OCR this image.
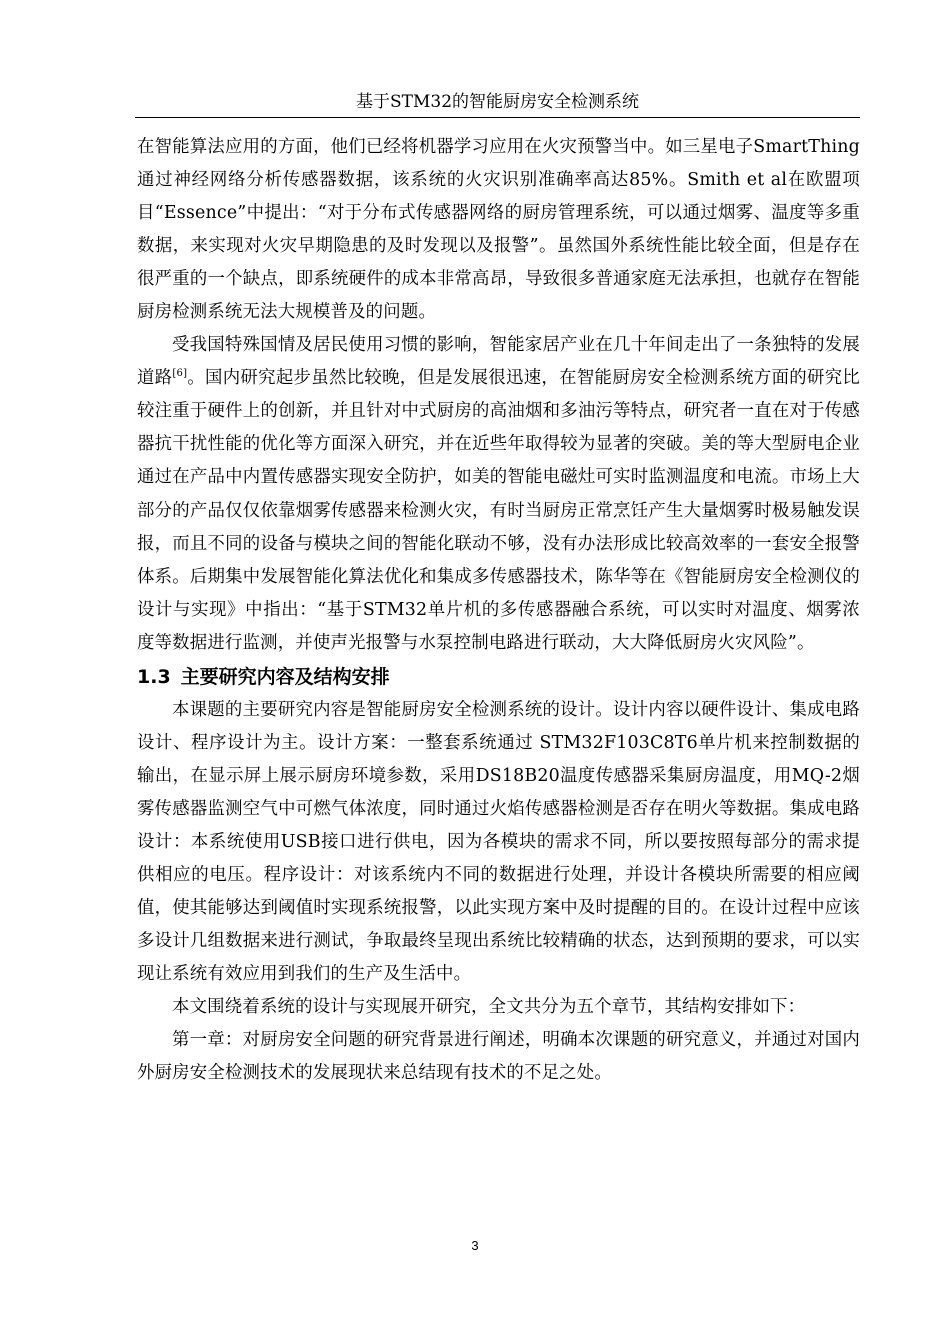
基于STM32的智能厨房安全检测系统

在智能算法应用的方面，他们已经将机器学习应用在火灾预警当中。如三星电子SmartThing通过神经网络分析传感器数据，该系统的火灾识别准确率高达85%。Smith et al在欧盟项目“Essence”中提出：“对于分布式传感器网络的厨房管理系统，可以通过烟雾、温度等多重数据，来实现对火灾早期隐患的及时发现以及报警”。虽然国外系统性能比较全面，但是存在很严重的一个缺点，即系统硬件的成本非常高昂，导致很多普通家庭无法承担，也就存在智能厨房检测系统无法大规模普及的问题。

受我国特殊国情及居民使用习惯的影响，智能家居产业在几十年间走出了一条独特的发展道路[6]。国内研究起步虽然比较晚，但是发展很迅速，在智能厨房安全检测系统方面的研究比较注重于硬件上的创新，并且针对中式厨房的高油烟和多油污等特点，研究者一直在对于传感器抗干扰性能的优化等方面深入研究，并在近些年取得较为显著的突破。美的等大型厨电企业通过在产品中内置传感器实现安全防护，如美的智能电磁灶可实时监测温度和电流。市场上大部分的产品仅仅依靠烟雾传感器来检测火灾，有时当厨房正常烹饪产生大量烟雾时极易触发误报，而且不同的设备与模块之间的智能化联动不够，没有办法形成比较高效率的一套安全报警体系。后期集中发展智能化算法优化和集成多传感器技术，陈华等在《智能厨房安全检测仪的设计与实现》中指出：“基于STM32单片机的多传感器融合系统，可以实时对温度、烟雾浓度等数据进行监测，并使声光报警与水泵控制电路进行联动，大大降低厨房火灾风险”。

1.3 主要研究内容及结构安排

本课题的主要研究内容是智能厨房安全检测系统的设计。设计内容以硬件设计、集成电路设计、程序设计为主。设计方案：一整套系统通过 STM32F103C8T6单片机来控制数据的输出，在显示屏上展示厨房环境参数，采用DS18B20温度传感器采集厨房温度，用MQ-2烟雾传感器监测空气中可燃气体浓度，同时通过火焰传感器检测是否存在明火等数据。集成电路设计：本系统使用USB接口进行供电，因为各模块的需求不同，所以要按照每部分的需求提供相应的电压。程序设计：对该系统内不同的数据进行处理，并设计各模块所需要的相应阈值，使其能够达到阈值时实现系统报警，以此实现方案中及时提醒的目的。在设计过程中应该多设计几组数据来进行测试，争取最终呈现出系统比较精确的状态，达到预期的要求，可以实现让系统有效应用到我们的生产及生活中。

本文围绕着系统的设计与实现展开研究，全文共分为五个章节，其结构安排如下：

第一章：对厨房安全问题的研究背景进行阐述，明确本次课题的研究意义，并通过对国内外厨房安全检测技术的发展现状来总结现有技术的不足之处。

3
